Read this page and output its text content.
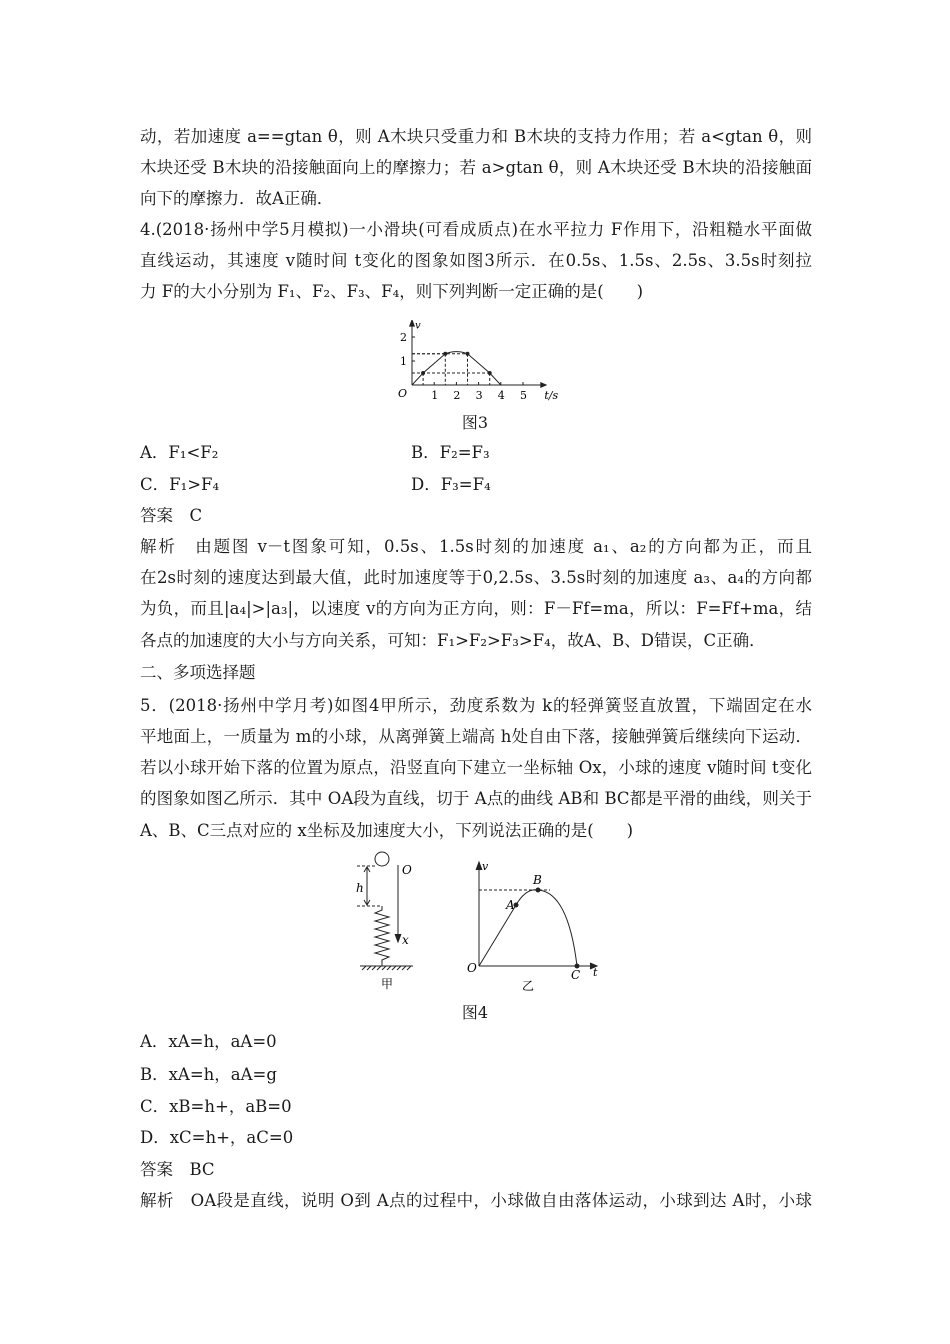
动，若加速度 a==gtan θ，则 A木块只受重力和 B木块的支持力作用；若 a<gtan θ，则
木块还受 B木块的沿接触面向上的摩擦力；若 a>gtan θ，则 A木块还受 B木块的沿接触面
向下的摩擦力．故A正确．
4.(2018·扬州中学5月模拟)一小滑块(可看成质点)在水平拉力 F作用下，沿粗糙水平面做
直线运动，其速度 v随时间 t变化的图象如图3所示．在0.5s、1.5s、2.5s、3.5s时刻拉
力 F的大小分别为 F₁、F₂、F₃、F₄，则下列判断一定正确的是(　　)
1 2 3 4 5
1
2
t/s
v
O
图3
A．F₁<F₂	B．F₂=F₃
C．F₁>F₄	D．F₃=F₄
答案　C
解析　由题图 v－t图象可知，0.5s、1.5s时刻的加速度 a₁、a₂的方向都为正，而且
在2s时刻的速度达到最大值，此时加速度等于0,2.5s、3.5s时刻的加速度 a₃、a₄的方向都
为负，而且|a₄|>|a₃|，以速度 v的方向为正方向，则：F－Ff=ma，所以：F=Ff+ma，结
各点的加速度的大小与方向关系，可知：F₁>F₂>F₃>F₄，故A、B、D错误，C正确．
二、多项选择题
5．(2018·扬州中学月考)如图4甲所示，劲度系数为 k的轻弹簧竖直放置，下端固定在水
平地面上，一质量为 m的小球，从离弹簧上端高 h处自由下落，接触弹簧后继续向下运动．
若以小球开始下落的位置为原点，沿竖直向下建立一坐标轴 Ox，小球的速度 v随时间 t变化
的图象如图乙所示．其中 OA段为直线，切于 A点的曲线 AB和 BC都是平滑的曲线，则关于
A、B、C三点对应的 x坐标及加速度大小，下列说法正确的是(　　)
O
h
x
甲
v
t
O
A
B
C
乙
图4
A．xA=h，aA=0
B．xA=h，aA=g
C．xB=h+，aB=0
D．xC=h+，aC=0
答案　BC
解析　OA段是直线，说明 O到 A点的过程中，小球做自由落体运动，小球到达 A时，小球
